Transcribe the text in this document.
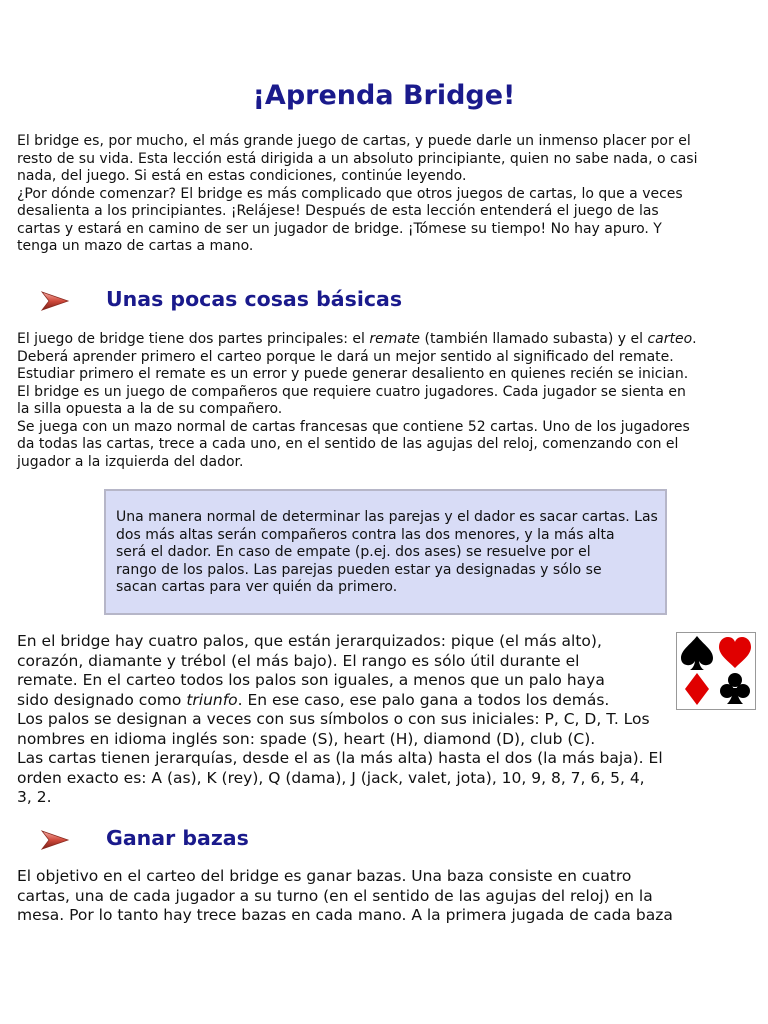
¡Aprenda Bridge!
El bridge es, por mucho, el más grande juego de cartas, y puede darle un inmenso placer por el
resto de su vida. Esta lección está dirigida a un absoluto principiante, quien no sabe nada, o casi
nada, del juego. Si está en estas condiciones, continúe leyendo.
¿Por dónde comenzar? El bridge es más complicado que otros juegos de cartas, lo que a veces
desalienta a los principiantes. ¡Relájese! Después de esta lección entenderá el juego de las
cartas y estará en camino de ser un jugador de bridge. ¡Tómese su tiempo! No hay apuro. Y
tenga un mazo de cartas a mano.
Unas pocas cosas básicas
El juego de bridge tiene dos partes principales: el remate (también llamado subasta) y el carteo.
Deberá aprender primero el carteo porque le dará un mejor sentido al significado del remate.
Estudiar primero el remate es un error y puede generar desaliento en quienes recién se inician.
El bridge es un juego de compañeros que requiere cuatro jugadores. Cada jugador se sienta en
la silla opuesta a la de su compañero.
Se juega con un mazo normal de cartas francesas que contiene 52 cartas. Uno de los jugadores
da todas las cartas, trece a cada uno, en el sentido de las agujas del reloj, comenzando con el
jugador a la izquierda del dador.
Una manera normal de determinar las parejas y el dador es sacar cartas. Las
dos más altas serán compañeros contra las dos menores, y la más alta
será el dador. En caso de empate (p.ej. dos ases) se resuelve por el
rango de los palos. Las parejas pueden estar ya designadas y sólo se
sacan cartas para ver quién da primero.
En el bridge hay cuatro palos, que están jerarquizados: pique (el más alto),
corazón, diamante y trébol (el más bajo). El rango es sólo útil durante el
remate. En el carteo todos los palos son iguales, a menos que un palo haya
sido designado como triunfo. En ese caso, ese palo gana a todos los demás.
Los palos se designan a veces con sus símbolos o con sus iniciales: P, C, D, T. Los
nombres en idioma inglés son: spade (S), heart (H), diamond (D), club (C).
Las cartas tienen jerarquías, desde el as (la más alta) hasta el dos (la más baja). El
orden exacto es: A (as), K (rey), Q (dama), J (jack, valet, jota), 10, 9, 8, 7, 6, 5, 4,
3, 2.
Ganar bazas
El objetivo en el carteo del bridge es ganar bazas. Una baza consiste en cuatro
cartas, una de cada jugador a su turno (en el sentido de las agujas del reloj) en la
mesa. Por lo tanto hay trece bazas en cada mano. A la primera jugada de cada baza
